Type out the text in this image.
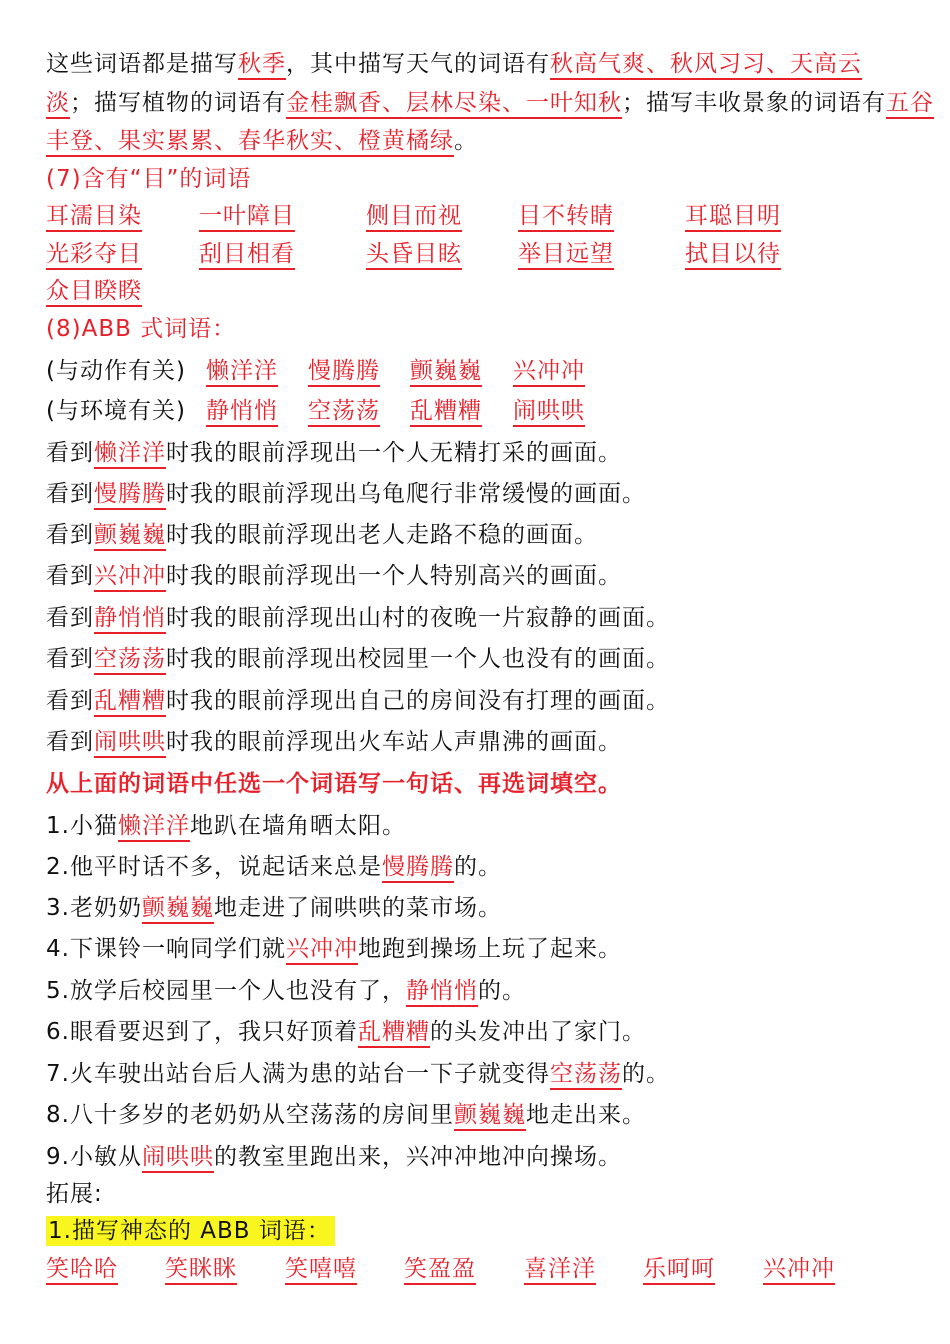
这些词语都是描写秋季，其中描写天气的词语有秋高气爽、秋风习习、天高云
淡；描写植物的词语有金桂飘香、层林尽染、一叶知秋；描写丰收景象的词语有五谷
丰登、果实累累、春华秋实、橙黄橘绿。
(7)含有“目”的词语
耳濡目染 一叶障目	侧目而视 目不转睛	耳聪目明
光彩夺目 刮目相看	头昏目眩 举目远望	拭目以待
众目睽睽
(8)ABB 式词语：
(与动作有关) 懒洋洋 慢腾腾 颤巍巍 兴冲冲
(与环境有关) 静悄悄 空荡荡 乱糟糟 闹哄哄
看到懒洋洋时我的眼前浮现出一个人无精打采的画面。
看到慢腾腾时我的眼前浮现出乌龟爬行非常缓慢的画面。
看到颤巍巍时我的眼前浮现出老人走路不稳的画面。
看到兴冲冲时我的眼前浮现出一个人特别高兴的画面。
看到静悄悄时我的眼前浮现出山村的夜晚一片寂静的画面。
看到空荡荡时我的眼前浮现出校园里一个人也没有的画面。
看到乱糟糟时我的眼前浮现出自己的房间没有打理的画面。
看到闹哄哄时我的眼前浮现出火车站人声鼎沸的画面。
从上面的词语中任选一个词语写一句话、再选词填空。
1.小猫懒洋洋地趴在墙角晒太阳。
2.他平时话不多，说起话来总是慢腾腾的。
3.老奶奶颤巍巍地走进了闹哄哄的菜市场。
4.下课铃一响同学们就兴冲冲地跑到操场上玩了起来。
5.放学后校园里一个人也没有了，静悄悄的。
6.眼看要迟到了，我只好顶着乱糟糟的头发冲出了家门。
7.火车驶出站台后人满为患的站台一下子就变得空荡荡的。
8.八十多岁的老奶奶从空荡荡的房间里颤巍巍地走出来。
9.小敏从闹哄哄的教室里跑出来，兴冲冲地冲向操场。
拓展:
1.描写神态的 ABB 词语：
笑哈哈 笑眯眯 笑嘻嘻 笑盈盈 喜洋洋 乐呵呵 兴冲冲
